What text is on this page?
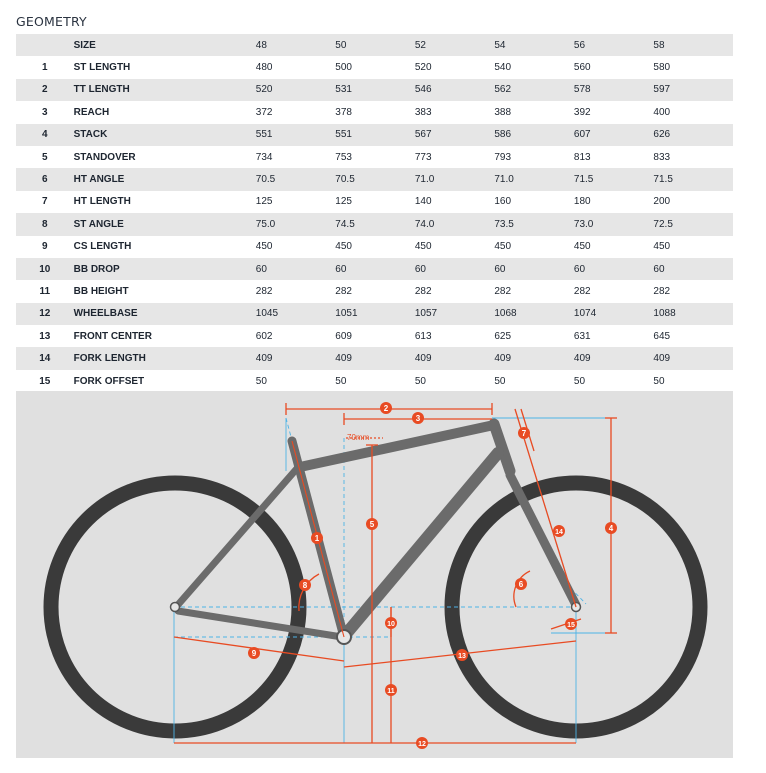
GEOMETRY
	SIZE	48	50	52	54	56	58
1	ST LENGTH	480	500	520	540	560	580
2	TT LENGTH	520	531	546	562	578	597
3	REACH	372	378	383	388	392	400
4	STACK	551	551	567	586	607	626
5	STANDOVER	734	753	773	793	813	833
6	HT ANGLE	70.5	70.5	71.0	71.0	71.5	71.5
7	HT LENGTH	125	125	140	160	180	200
8	ST ANGLE	75.0	74.5	74.0	73.5	73.0	72.5
9	CS LENGTH	450	450	450	450	450	450
10	BB DROP	60	60	60	60	60	60
11	BB HEIGHT	282	282	282	282	282	282
12	WHEELBASE	1045	1051	1057	1068	1074	1088
13	FRONT CENTER	602	609	613	625	631	645
14	FORK LENGTH	409	409	409	409	409	409
15	FORK OFFSET	50	50	50	50	50	50
2
3
7
4
5
1
8
14
6
10	15
9	13
11
12
70mm
